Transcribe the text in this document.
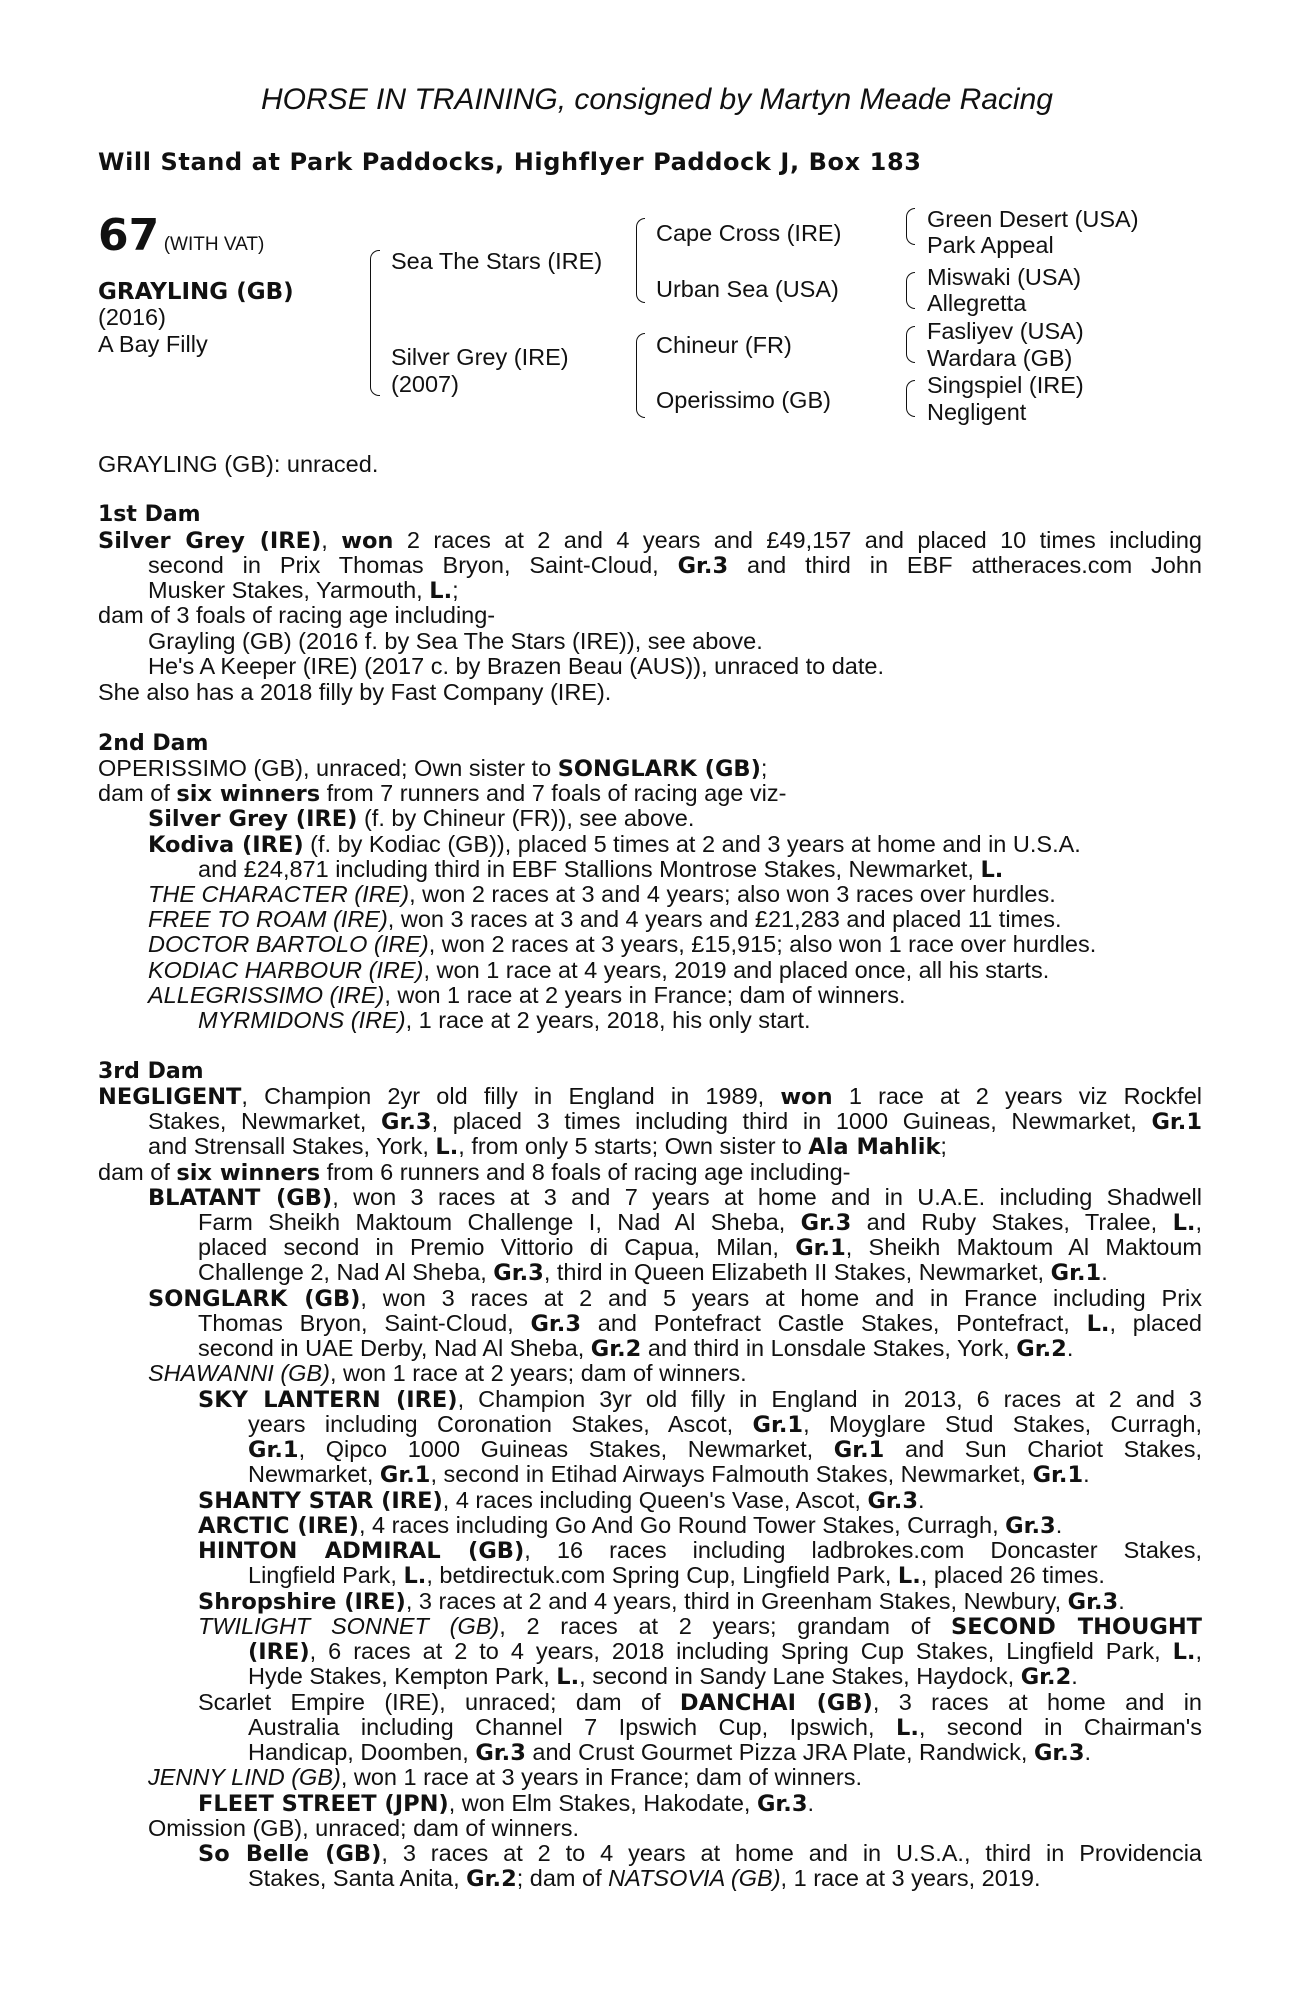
HORSE IN TRAINING, consigned by Martyn Meade Racing
Will Stand at Park Paddocks, Highflyer Paddock J, Box 183
67 (WITH VAT)
GRAYLING (GB)
(2016)
A Bay Filly
Sea The Stars (IRE)
Silver Grey (IRE)
(2007)
Cape Cross (IRE)
Urban Sea (USA)
Chineur (FR)
Operissimo (GB)
Green Desert (USA)
Park Appeal
Miswaki (USA)
Allegretta
Fasliyev (USA)
Wardara (GB)
Singspiel (IRE)
Negligent
GRAYLING (GB): unraced.
1st Dam
Silver Grey (IRE), won 2 races at 2 and 4 years and £49,157 and placed 10 times including
second in Prix Thomas Bryon, Saint-Cloud, Gr.3 and third in EBF attheraces.com John
Musker Stakes, Yarmouth, L.;
dam of 3 foals of racing age including-
Grayling (GB) (2016 f. by Sea The Stars (IRE)), see above.
He's A Keeper (IRE) (2017 c. by Brazen Beau (AUS)), unraced to date.
She also has a 2018 filly by Fast Company (IRE).
2nd Dam
OPERISSIMO (GB), unraced; Own sister to SONGLARK (GB);
dam of six winners from 7 runners and 7 foals of racing age viz-
Silver Grey (IRE) (f. by Chineur (FR)), see above.
Kodiva (IRE) (f. by Kodiac (GB)), placed 5 times at 2 and 3 years at home and in U.S.A.
and £24,871 including third in EBF Stallions Montrose Stakes, Newmarket, L.
THE CHARACTER (IRE), won 2 races at 3 and 4 years; also won 3 races over hurdles.
FREE TO ROAM (IRE), won 3 races at 3 and 4 years and £21,283 and placed 11 times.
DOCTOR BARTOLO (IRE), won 2 races at 3 years, £15,915; also won 1 race over hurdles.
KODIAC HARBOUR (IRE), won 1 race at 4 years, 2019 and placed once, all his starts.
ALLEGRISSIMO (IRE), won 1 race at 2 years in France; dam of winners.
MYRMIDONS (IRE), 1 race at 2 years, 2018, his only start.
3rd Dam
NEGLIGENT, Champion 2yr old filly in England in 1989, won 1 race at 2 years viz Rockfel
Stakes, Newmarket, Gr.3, placed 3 times including third in 1000 Guineas, Newmarket, Gr.1
and Strensall Stakes, York, L., from only 5 starts; Own sister to Ala Mahlik;
dam of six winners from 6 runners and 8 foals of racing age including-
BLATANT (GB), won 3 races at 3 and 7 years at home and in U.A.E. including Shadwell
Farm Sheikh Maktoum Challenge I, Nad Al Sheba, Gr.3 and Ruby Stakes, Tralee, L.,
placed second in Premio Vittorio di Capua, Milan, Gr.1, Sheikh Maktoum Al Maktoum
Challenge 2, Nad Al Sheba, Gr.3, third in Queen Elizabeth II Stakes, Newmarket, Gr.1.
SONGLARK (GB), won 3 races at 2 and 5 years at home and in France including Prix
Thomas Bryon, Saint-Cloud, Gr.3 and Pontefract Castle Stakes, Pontefract, L., placed
second in UAE Derby, Nad Al Sheba, Gr.2 and third in Lonsdale Stakes, York, Gr.2.
SHAWANNI (GB), won 1 race at 2 years; dam of winners.
SKY LANTERN (IRE), Champion 3yr old filly in England in 2013, 6 races at 2 and 3
years including Coronation Stakes, Ascot, Gr.1, Moyglare Stud Stakes, Curragh,
Gr.1, Qipco 1000 Guineas Stakes, Newmarket, Gr.1 and Sun Chariot Stakes,
Newmarket, Gr.1, second in Etihad Airways Falmouth Stakes, Newmarket, Gr.1.
SHANTY STAR (IRE), 4 races including Queen's Vase, Ascot, Gr.3.
ARCTIC (IRE), 4 races including Go And Go Round Tower Stakes, Curragh, Gr.3.
HINTON ADMIRAL (GB), 16 races including ladbrokes.com Doncaster Stakes,
Lingfield Park, L., betdirectuk.com Spring Cup, Lingfield Park, L., placed 26 times.
Shropshire (IRE), 3 races at 2 and 4 years, third in Greenham Stakes, Newbury, Gr.3.
TWILIGHT SONNET (GB), 2 races at 2 years; grandam of SECOND THOUGHT
(IRE), 6 races at 2 to 4 years, 2018 including Spring Cup Stakes, Lingfield Park, L.,
Hyde Stakes, Kempton Park, L., second in Sandy Lane Stakes, Haydock, Gr.2.
Scarlet Empire (IRE), unraced; dam of DANCHAI (GB), 3 races at home and in
Australia including Channel 7 Ipswich Cup, Ipswich, L., second in Chairman's
Handicap, Doomben, Gr.3 and Crust Gourmet Pizza JRA Plate, Randwick, Gr.3.
JENNY LIND (GB), won 1 race at 3 years in France; dam of winners.
FLEET STREET (JPN), won Elm Stakes, Hakodate, Gr.3.
Omission (GB), unraced; dam of winners.
So Belle (GB), 3 races at 2 to 4 years at home and in U.S.A., third in Providencia
Stakes, Santa Anita, Gr.2; dam of NATSOVIA (GB), 1 race at 3 years, 2019.
